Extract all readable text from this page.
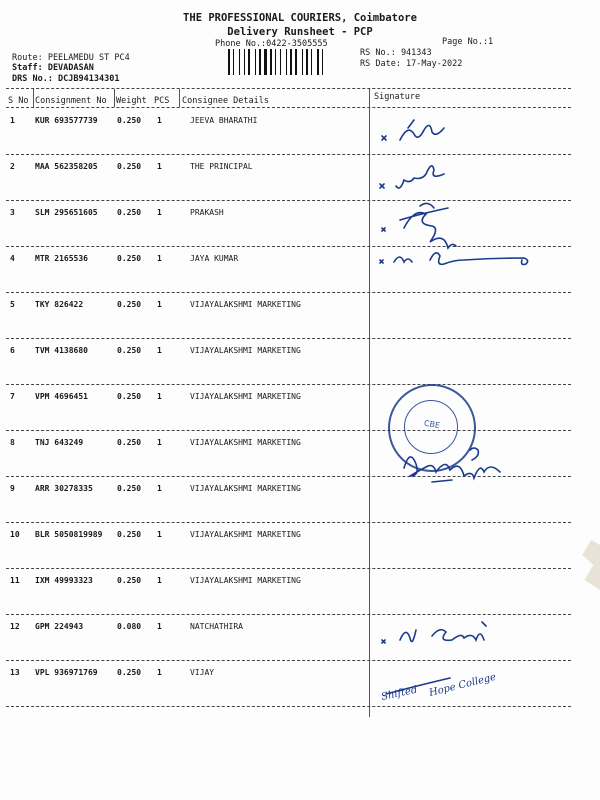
THE PROFESSIONAL COURIERS, Coimbatore
Delivery Runsheet - PCP
Phone No.:0422-3505555	Page No.:1
Route: PEELAMEDU ST PC4
Staff: DEVADASAN
DRS No.: DCJB94134301
RS No.: 941343
RS Date: 17-May-2022
S No Consignment No Weight PCS Consignee Details	Signature
1	KUR 693577739 0.250 1	JEEVA BHARATHI
2	MAA 562358205 0.250 1	THE PRINCIPAL
3	SLM 295651605 0.250 1	PRAKASH
4	MTR 2165536	0.250 1	JAYA KUMAR
5	TKY 826422	0.250 1	VIJAYALAKSHMI MARKETING
6	TVM 4138680	0.250 1	VIJAYALAKSHMI MARKETING
7	VPM 4696451	0.250 1	VIJAYALAKSHMI MARKETING
8	TNJ 643249	0.250 1	VIJAYALAKSHMI MARKETING
9	ARR 30278335	0.250 1	VIJAYALAKSHMI MARKETING
10 BLR 5050819989 0.250 1	VIJAYALAKSHMI MARKETING
11 IXM 49993323	0.250 1	VIJAYALAKSHMI MARKETING
12 GPM 224943	0.080 1	NATCHATHIRA
13 VPL 936971769 0.250 1	VIJAY
Shifted Hope College
CBE
